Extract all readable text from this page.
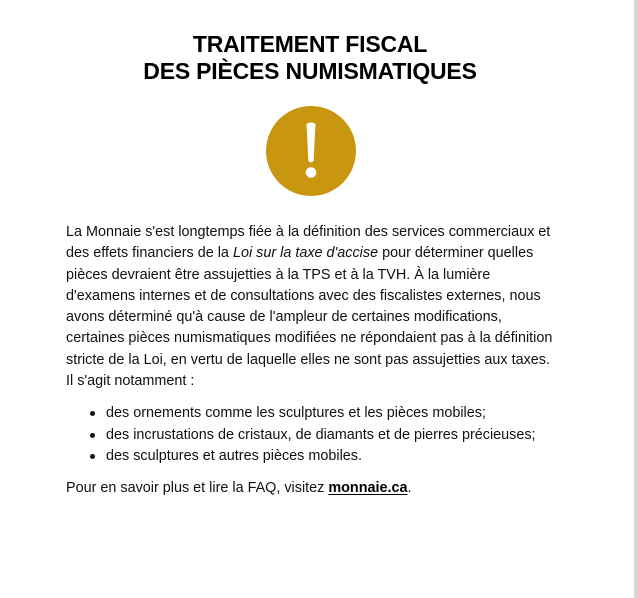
TRAITEMENT FISCAL
DES PIÈCES NUMISMATIQUES

La Monnaie s'est longtemps fiée à la définition des services commerciaux et des effets financiers de la Loi sur la taxe d'accise pour déterminer quelles pièces devraient être assujetties à la TPS et à la TVH. À la lumière d'examens internes et de consultations avec des fiscalistes externes, nous avons déterminé qu'à cause de l'ampleur de certaines modifications, certaines pièces numismatiques modifiées ne répondaient pas à la définition stricte de la Loi, en vertu de laquelle elles ne sont pas assujetties aux taxes. Il s'agit notamment :

des ornements comme les sculptures et les pièces mobiles;
des incrustations de cristaux, de diamants et de pierres précieuses;
des sculptures et autres pièces mobiles.

Pour en savoir plus et lire la FAQ, visitez monnaie.ca.
